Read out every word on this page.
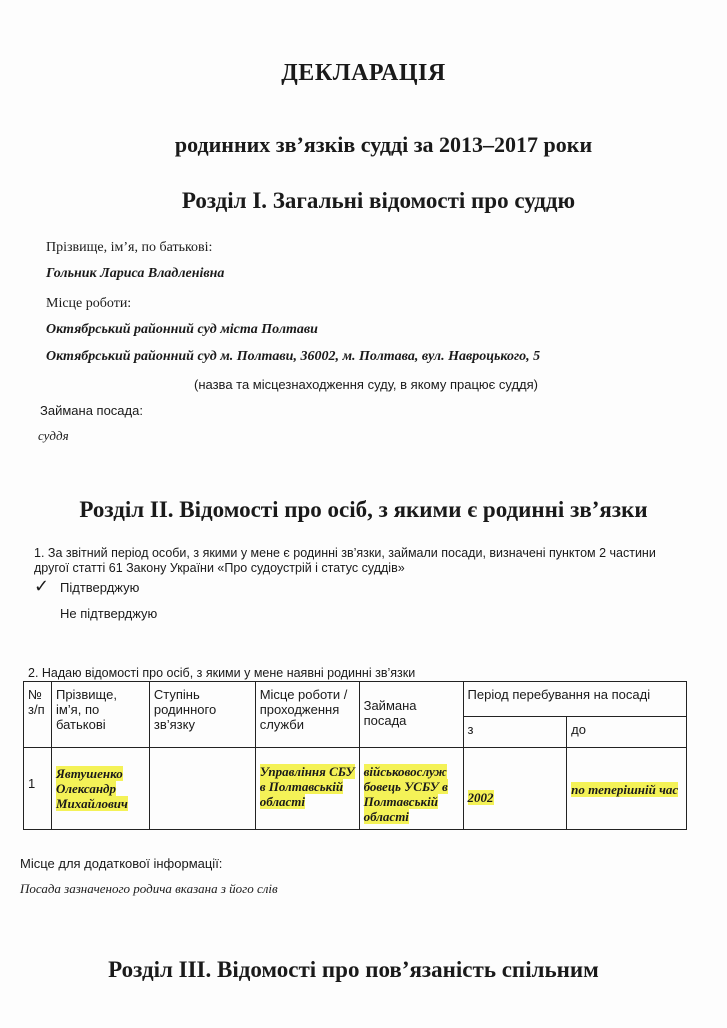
ДЕКЛАРАЦІЯ
родинних зв’язків судді за 2013–2017 роки
Розділ І. Загальні відомості про суддю
Прізвище, ім’я, по батькові:
Гольник Лариса Владленівна
Місце роботи:
Октябрський районний суд міста Полтави
Октябрський районний суд м. Полтави, 36002, м. Полтава, вул. Навроцького, 5
(назва та місцезнаходження суду, в якому працює суддя)
Займана посада:
суддя
Розділ ІІ. Відомості про осіб, з якими є родинні зв’язки
1. За звітний період особи, з якими у мене є родинні зв’язки, займали посади, визначені пунктом 2 частини
другої статті 61 Закону України «Про судоустрій і статус суддів»
✓ Підтверджую
Не підтверджую
2. Надаю відомості про осіб, з якими у мене наявні родинні зв’язки
№ з/п	Прізвище, ім’я, по батькові	Ступінь родинного зв’язку	Місце роботи /проходження служби	Займана посада	Період перебування на посаді	
					з	до
1	Явтушенко Олександр Михайлович		Управління СБУ в Полтавській області	військовослуж бовець УСБУ в Полтавській області	2002	по теперішній час
Місце для додаткової інформації:
Посада зазначеного родича вказана з його слів
Розділ ІІІ. Відомості про пов’язаність спільним
